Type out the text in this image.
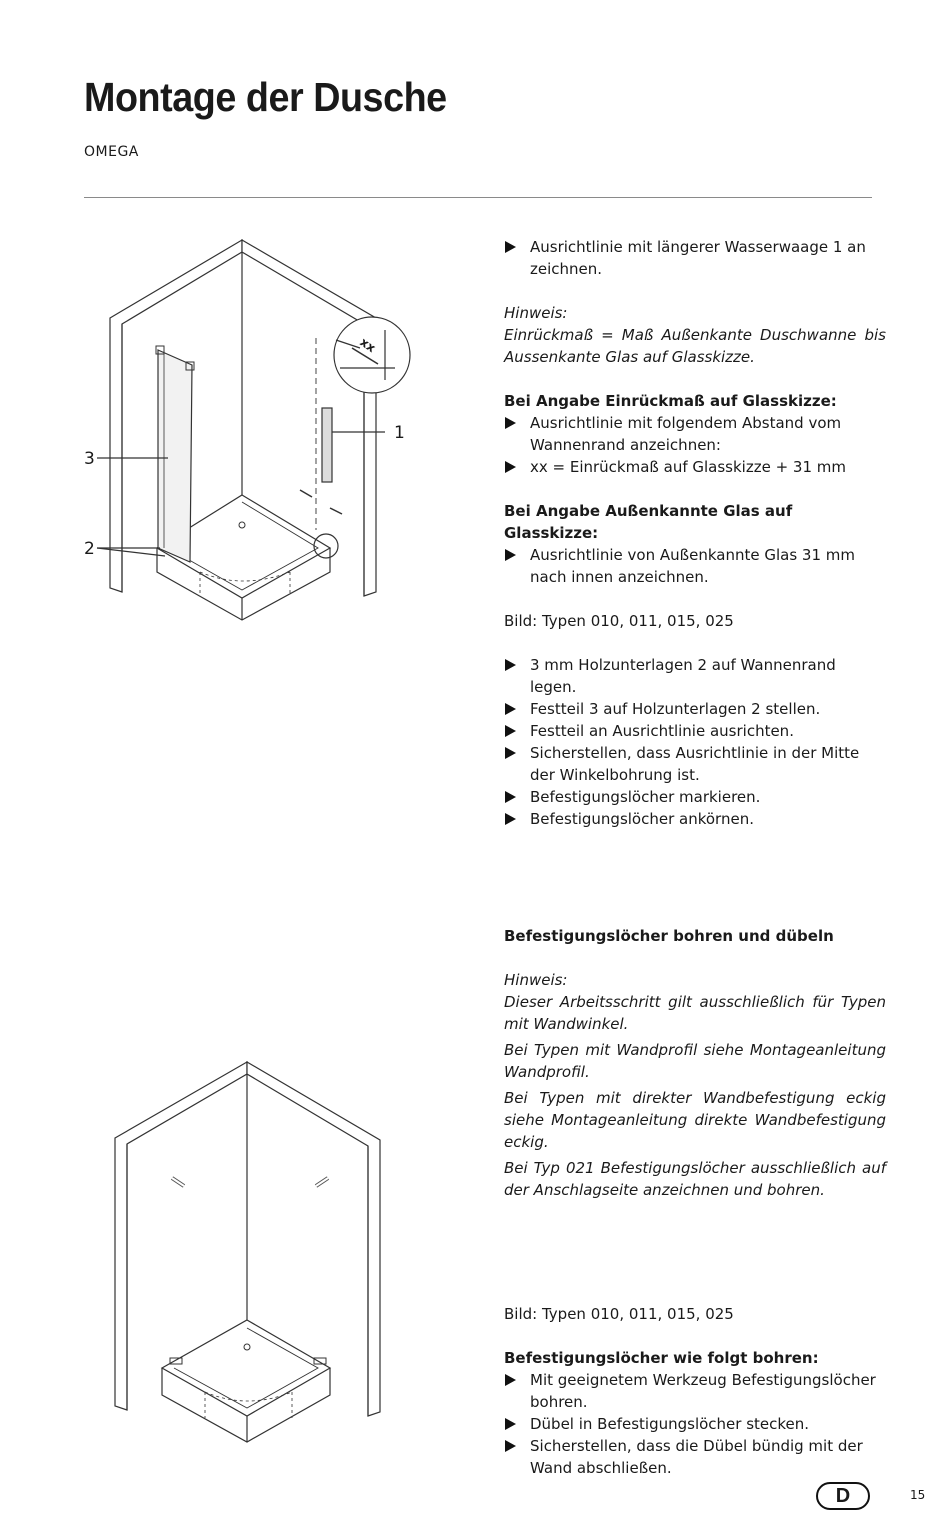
Montage der Dusche
OMEGA
3
2
1
xx
Ausrichtlinie mit längerer Wasserwaage 1 an zeichnen.

Hinweis:

Einrückmaß = Maß Außenkante Duschwanne bis Aussenkante Glas auf Glasskizze.

Bei Angabe Einrückmaß auf Glasskizze:

Ausrichtlinie mit folgendem Abstand vom Wannenrand anzeichnen:
xx = Einrückmaß auf Glasskizze + 31 mm

Bei Angabe Außenkannte Glas auf Glasskizze:

Ausrichtlinie von Außenkannte Glas 31 mm nach innen anzeichnen.

Bild: Typen 010, 011, 015, 025

3 mm Holzunterlagen 2 auf Wannenrand legen.
Festteil 3 auf Holzunterlagen 2 stellen.
Festteil an Ausrichtlinie ausrichten.
Sicherstellen, dass Ausrichtlinie in der Mitte der Winkelbohrung ist.
Befestigungslöcher markieren.
Befestigungslöcher ankörnen.

Befestigungslöcher bohren und dübeln

Hinweis:

Dieser Arbeitsschritt gilt ausschließlich für Typen mit Wandwinkel.

Bei Typen mit Wandprofil siehe Montageanleitung Wandprofil.

Bei Typen mit direkter Wandbefestigung eckig siehe Montageanleitung direkte Wandbefestigung eckig.

Bei Typ 021 Befestigungslöcher ausschließlich auf der Anschlagseite anzeichnen und bohren.

Bild: Typen 010, 011, 015, 025

Befestigungslöcher wie folgt bohren:

Mit geeignetem Werkzeug Befestigungslöcher bohren.
Dübel in Befestigungslöcher stecken.
Sicherstellen, dass die Dübel bündig mit der Wand abschließen.
D	15
